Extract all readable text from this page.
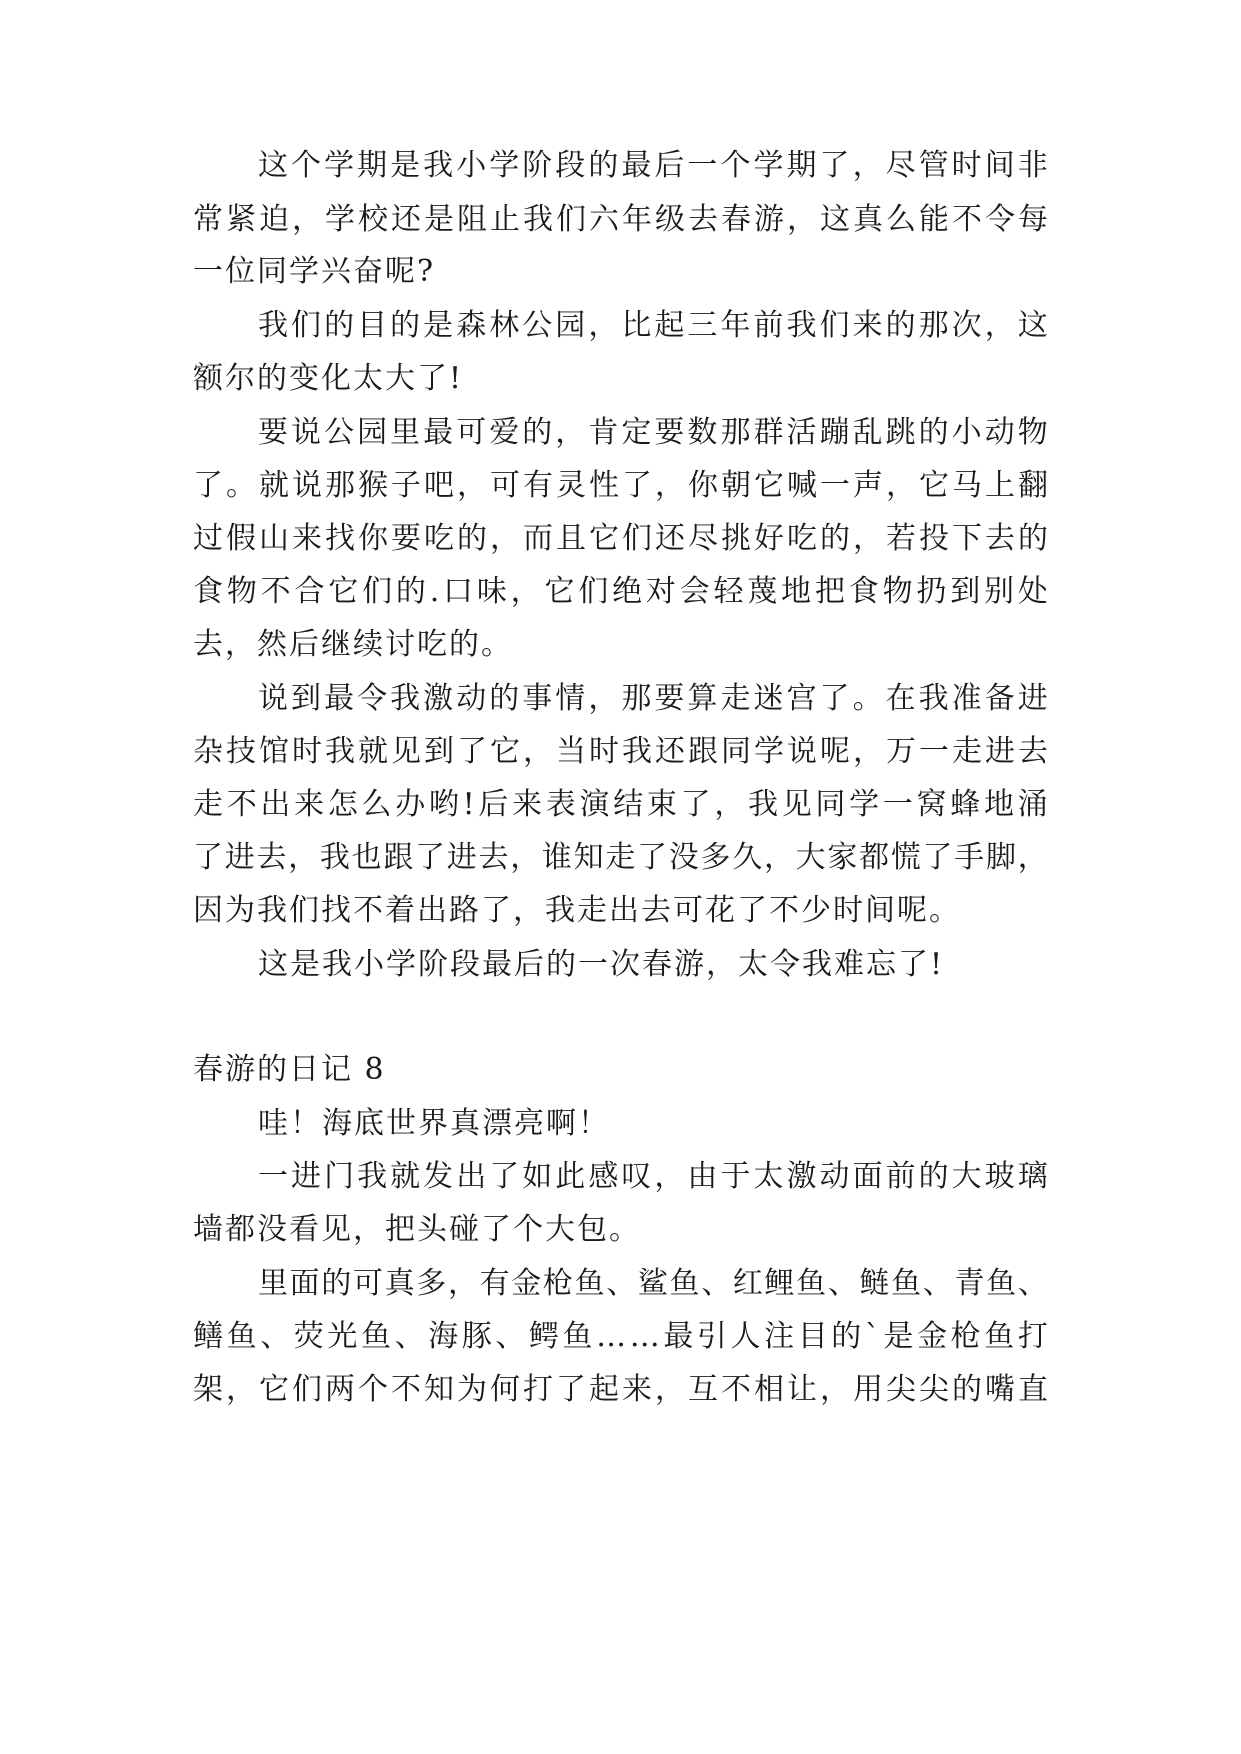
这 个 学 期 是 我 小 学 阶 段 的 最 后 一 个 学 期 了 ， 尽 管 时 间 非
常 紧 迫 ， 学 校 还 是 阻 止 我 们 六 年 级 去 春 游 ， 这 真 么 能 不 令 每
一位同学兴奋呢?
我 们 的 目 的 是 森 林 公 园 ， 比 起 三 年 前 我 们 来 的 那 次 ， 这
额尔的变化太大了!
要 说 公 园 里 最 可 爱 的 ， 肯 定 要 数 那 群 活 蹦 乱 跳 的 小 动 物
了 。 就 说 那 猴 子 吧 ， 可 有 灵 性 了 ， 你 朝 它 喊 一 声 ， 它 马 上 翻
过 假 山 来 找 你 要 吃 的 ， 而 且 它 们 还 尽 挑 好 吃 的 ， 若 投 下 去 的
食 物 不 合 它 们 的 . 口 味 ， 它 们 绝 对 会 轻 蔑 地 把 食 物 扔 到 别 处
去，然后继续讨吃的。
说 到 最 令 我 激 动 的 事 情 ， 那 要 算 走 迷 宫 了 。 在 我 准 备 进
杂 技 馆 时 我 就 见 到 了 它 ， 当 时 我 还 跟 同 学 说 呢 ， 万 一 走 进 去
走 不 出 来 怎 么 办 哟 ! 后 来 表 演 结 束 了 ， 我 见 同 学 一 窝 蜂 地 涌
了 进 去 ， 我 也 跟 了 进 去 ， 谁 知 走 了 没 多 久 ， 大 家 都 慌 了 手 脚 ，
因为我们找不着出路了，我走出去可花了不少时间呢。
这是我小学阶段最后的一次春游，太令我难忘了!
春游的日记 8
哇！海底世界真漂亮啊！
一 进 门 我 就 发 出 了 如 此 感 叹 ， 由 于 太 激 动 面 前 的 大 玻 璃
墙都没看见，把头碰了个大包。
里 面 的 可 真 多 ， 有 金 枪 鱼 、 鲨 鱼 、 红 鲤 鱼 、 鲢 鱼 、 青 鱼 、
鳝 鱼 、 荧 光 鱼 、 海 豚 、 鳄 鱼 … … 最 引 人 注 目 的 ` 是 金 枪 鱼 打
架 ， 它 们 两 个 不 知 为 何 打 了 起 来 ， 互 不 相 让 ， 用 尖 尖 的 嘴 直
